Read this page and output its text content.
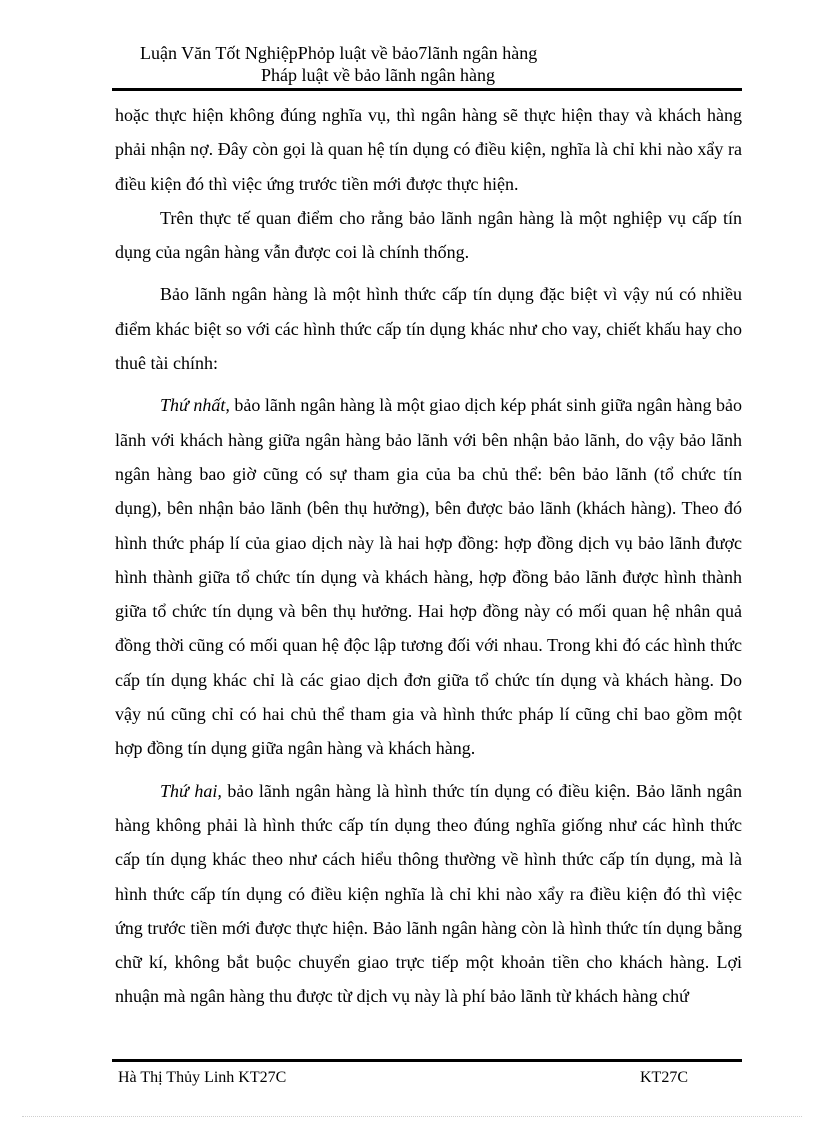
Luận Văn Tốt NghiệpPhỏp luật về bảo7lãnh ngân hàng
Pháp luật về bảo lãnh ngân hàng

hoặc thực hiện không đúng nghĩa vụ, thì ngân hàng sẽ thực hiện thay và khách hàng phải nhận nợ. Đây còn gọi là quan hệ tín dụng có điều kiện, nghĩa là chỉ khi nào xẩy ra điều kiện đó thì việc ứng trước tiền mới được thực hiện.

Trên thực tế quan điểm cho rằng bảo lãnh ngân hàng là một nghiệp vụ cấp tín dụng của ngân hàng vẫn được coi là chính thống.

Bảo lãnh ngân hàng là một hình thức cấp tín dụng đặc biệt vì vậy nú có nhiều điểm khác biệt so với các hình thức cấp tín dụng khác như cho vay, chiết khấu hay cho thuê tài chính:

Thứ nhất, bảo lãnh ngân hàng là một giao dịch kép phát sinh giữa ngân hàng bảo lãnh với khách hàng giữa ngân hàng bảo lãnh với bên nhận bảo lãnh, do vậy bảo lãnh ngân hàng bao giờ cũng có sự tham gia của ba chủ thể: bên bảo lãnh (tổ chức tín dụng), bên nhận bảo lãnh (bên thụ hưởng), bên được bảo lãnh (khách hàng). Theo đó hình thức pháp lí của giao dịch này là hai hợp đồng: hợp đồng dịch vụ bảo lãnh được hình thành giữa tổ chức tín dụng và khách hàng, hợp đồng bảo lãnh được hình thành giữa tổ chức tín dụng và bên thụ hưởng. Hai hợp đồng này có mối quan hệ nhân quả đồng thời cũng có mối quan hệ độc lập tương đối với nhau. Trong khi đó các hình thức cấp tín dụng khác chỉ là các giao dịch đơn giữa tổ chức tín dụng và khách hàng. Do vậy nú cũng chỉ có hai chủ thể tham gia và hình thức pháp lí cũng chỉ bao gồm một hợp đồng tín dụng giữa ngân hàng và khách hàng.

Thứ hai, bảo lãnh ngân hàng là hình thức tín dụng có điều kiện. Bảo lãnh ngân hàng không phải là hình thức cấp tín dụng theo đúng nghĩa giống như các hình thức cấp tín dụng khác theo như cách hiểu thông thường về hình thức cấp tín dụng, mà là hình thức cấp tín dụng có điều kiện nghĩa là chỉ khi nào xẩy ra điều kiện đó thì việc ứng trước tiền mới được thực hiện. Bảo lãnh ngân hàng còn là hình thức tín dụng bằng chữ kí, không bắt buộc chuyển giao trực tiếp một khoản tiền cho khách hàng. Lợi nhuận mà ngân hàng thu được từ dịch vụ này là phí bảo lãnh từ khách hàng chứ

Hà Thị Thủy Linh KT27C	KT27C
